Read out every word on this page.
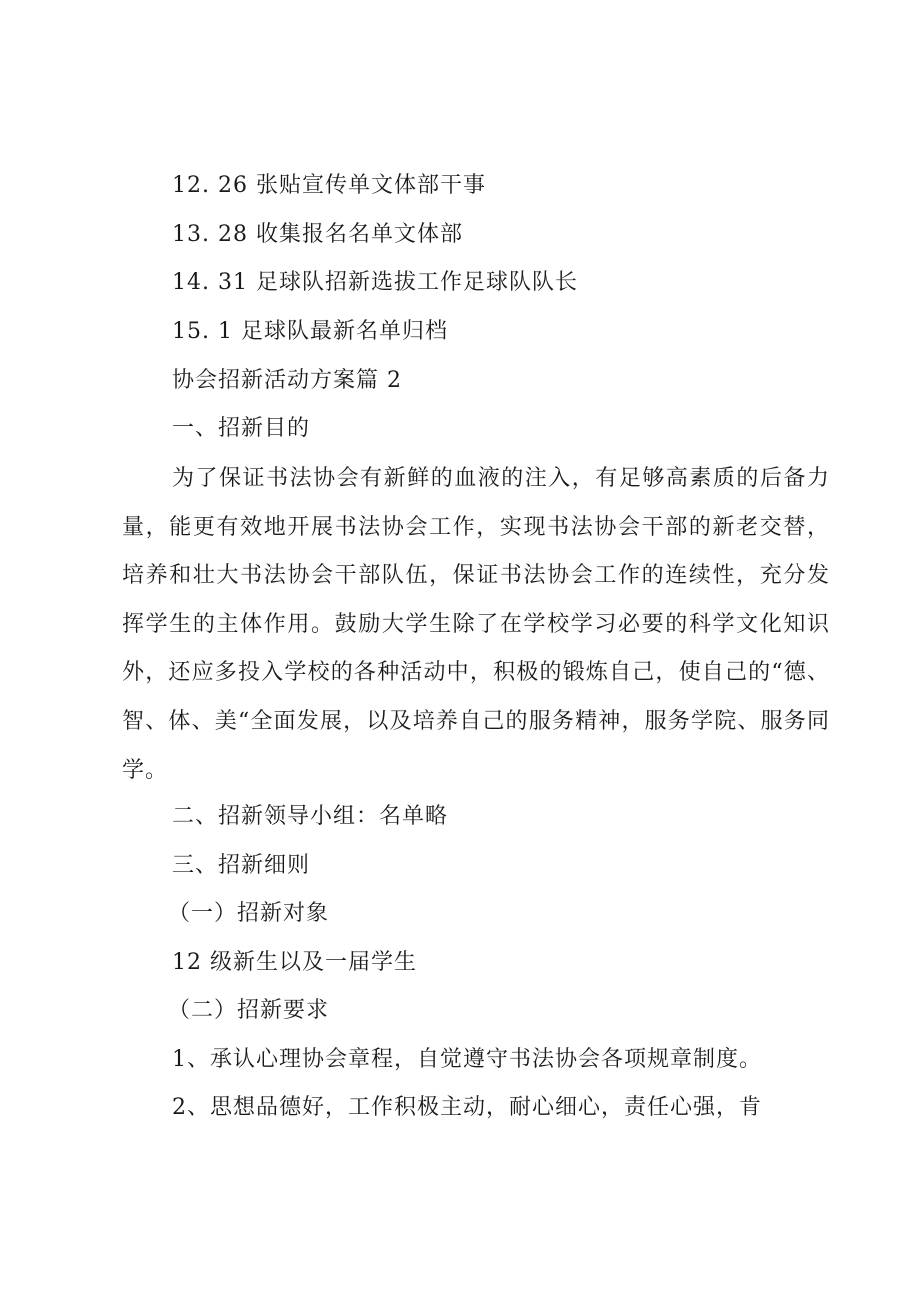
12. 26 张贴宣传单文体部干事
13. 28 收集报名名单文体部
14. 31 足球队招新选拔工作足球队队长
15. 1 足球队最新名单归档
协会招新活动方案篇 2
一、招新目的
为了保证书法协会有新鲜的血液的注入，有足够高素质的后备力量，能更有效地开展书法协会工作，实现书法协会干部的新老交替，培养和壮大书法协会干部队伍，保证书法协会工作的连续性，充分发挥学生的主体作用。鼓励大学生除了在学校学习必要的科学文化知识外，还应多投入学校的各种活动中，积极的锻炼自己，使自己的“德、智、体、美“全面发展，以及培养自己的服务精神，服务学院、服务同学。
二、招新领导小组：名单略
三、招新细则
（一）招新对象
12 级新生以及一届学生
（二）招新要求
1、承认心理协会章程，自觉遵守书法协会各项规章制度。
2、思想品德好，工作积极主动，耐心细心，责任心强，肯
